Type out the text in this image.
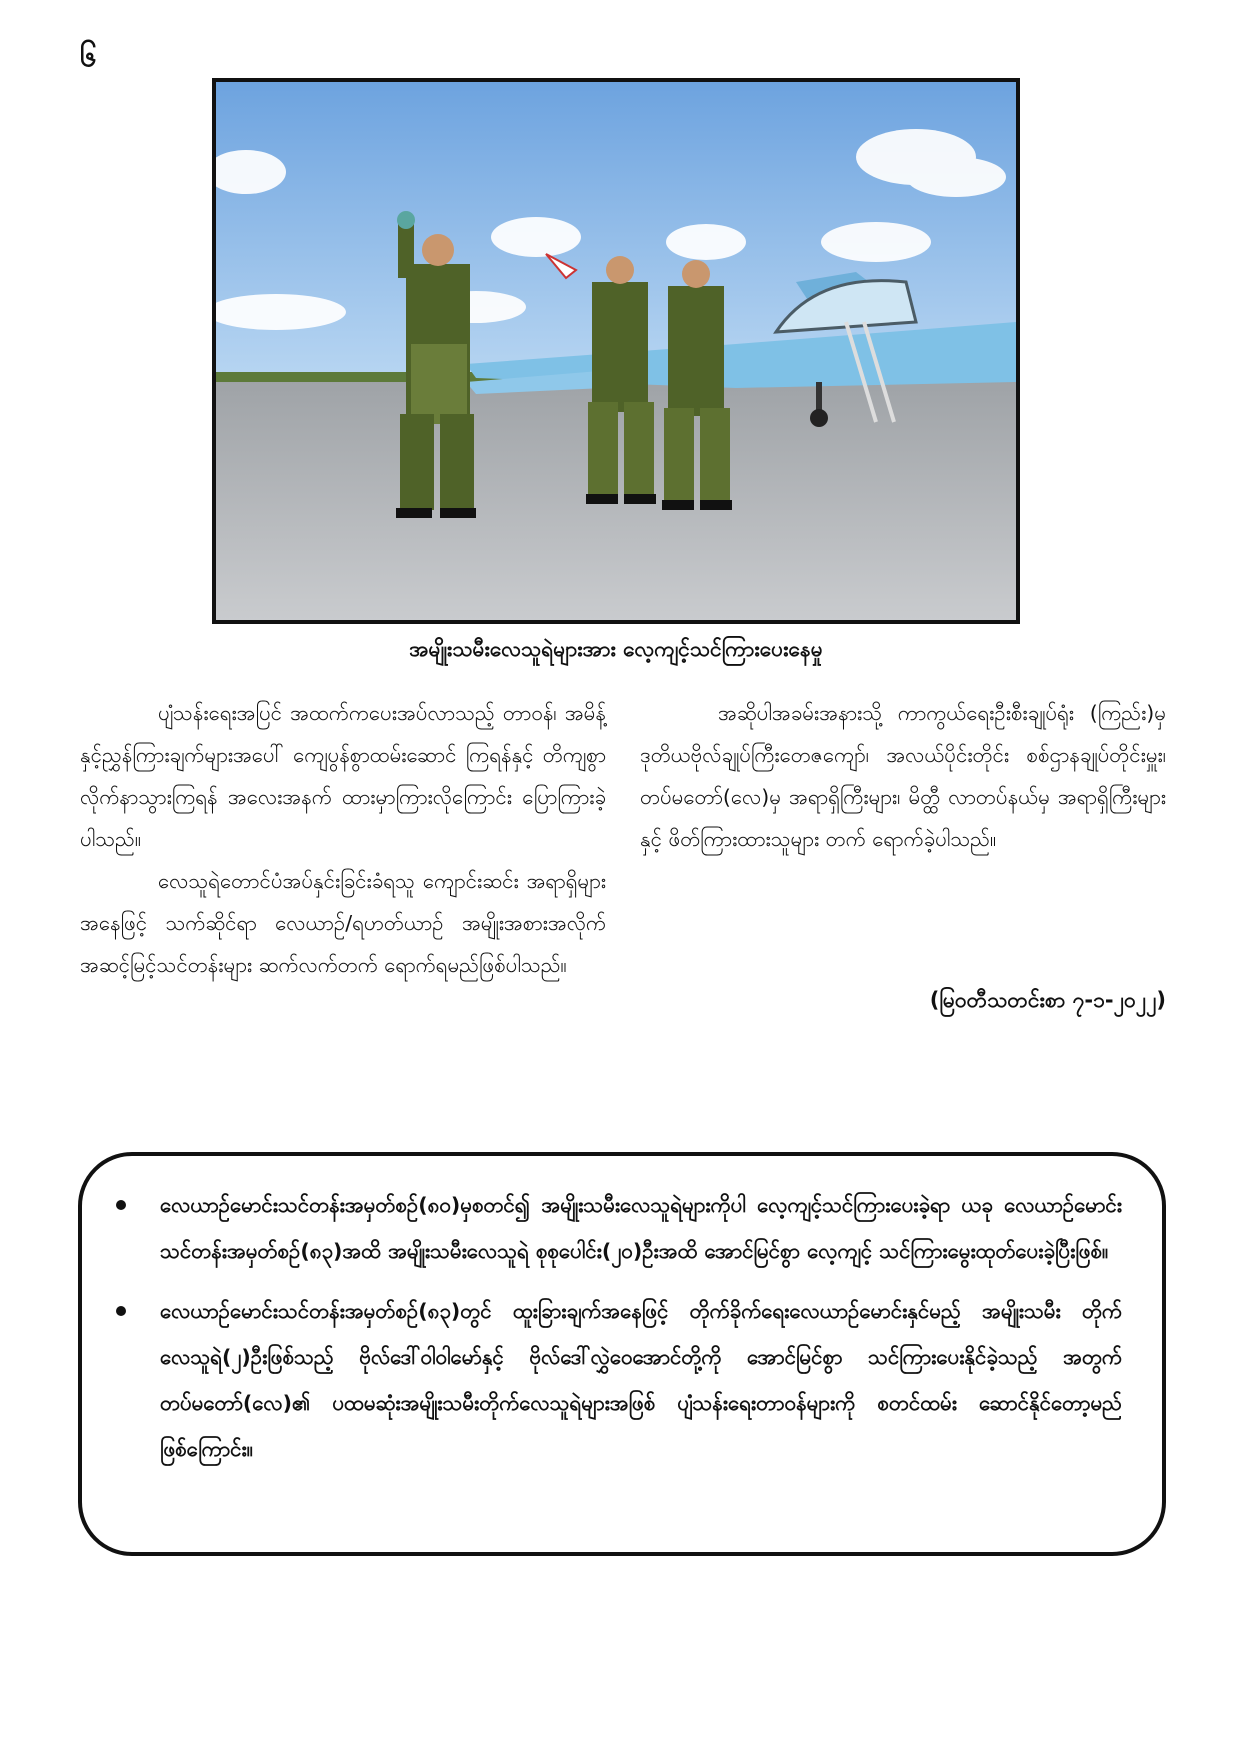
၆
အမျိုးသမီးလေသူရဲများအား လေ့ကျင့်သင်ကြားပေးနေမှု

ပျံသန်းရေးအပြင် အထက်ကပေးအပ်လာသည့် တာဝန်၊ အမိန့်နှင့်ညွှန်ကြားချက်များအပေါ် ကျေပွန်စွာထမ်းဆောင် ကြရန်နှင့် တိကျစွာလိုက်နာသွားကြရန် အလေးအနက် ထားမှာကြားလိုကြောင်း ပြောကြားခဲ့ပါသည်။

လေသူရဲတောင်ပံအပ်နှင်းခြင်းခံရသူ ကျောင်းဆင်း အရာရှိများအနေဖြင့် သက်ဆိုင်ရာ လေယာဉ်/ရဟတ်ယာဉ် အမျိုးအစားအလိုက် အဆင့်မြင့်သင်တန်းများ ဆက်လက်တက် ရောက်ရမည်ဖြစ်ပါသည်။

အဆိုပါအခမ်းအနားသို့ ကာကွယ်ရေးဦးစီးချုပ်ရုံး (ကြည်း)မှ ဒုတိယဗိုလ်ချုပ်ကြီးတေဇကျော်၊ အလယ်ပိုင်းတိုင်း စစ်ဌာနချုပ်တိုင်းမှူး၊ တပ်မတော်(လေ)မှ အရာရှိကြီးများ၊ မိတ္ထီ လာတပ်နယ်မှ အရာရှိကြီးများနှင့် ဖိတ်ကြားထားသူများ တက် ရောက်ခဲ့ပါသည်။

(မြဝတီသတင်းစာ ၇-၁-၂၀၂၂)
လေယာဉ်မောင်းသင်တန်းအမှတ်စဉ်(၈၀)မှစတင်၍ အမျိုးသမီးလေသူရဲများကိုပါ လေ့ကျင့်သင်ကြားပေးခဲ့ရာ ယခု လေယာဉ်မောင်းသင်တန်းအမှတ်စဉ်(၈၃)အထိ အမျိုးသမီးလေသူရဲ စုစုပေါင်း(၂၀)ဦးအထိ အောင်မြင်စွာ လေ့ကျင့် သင်ကြားမွေးထုတ်ပေးခဲ့ပြီးဖြစ်။
လေယာဉ်မောင်းသင်တန်းအမှတ်စဉ်(၈၃)တွင် ထူးခြားချက်အနေဖြင့် တိုက်ခိုက်ရေးလေယာဉ်မောင်းနှင်မည့် အမျိုးသမီး တိုက်လေသူရဲ(၂)ဦးဖြစ်သည့် ဗိုလ်ဒေါ်ဝါဝါမော်နှင့် ဗိုလ်ဒေါ်လွှဲဝေအောင်တို့ကို အောင်မြင်စွာ သင်ကြားပေးနိုင်ခဲ့သည့် အတွက် တပ်မတော်(လေ)၏ ပထမဆုံးအမျိုးသမီးတိုက်လေသူရဲများအဖြစ် ပျံသန်းရေးတာဝန်များကို စတင်ထမ်း ဆောင်နိုင်တော့မည်ဖြစ်ကြောင်း။
